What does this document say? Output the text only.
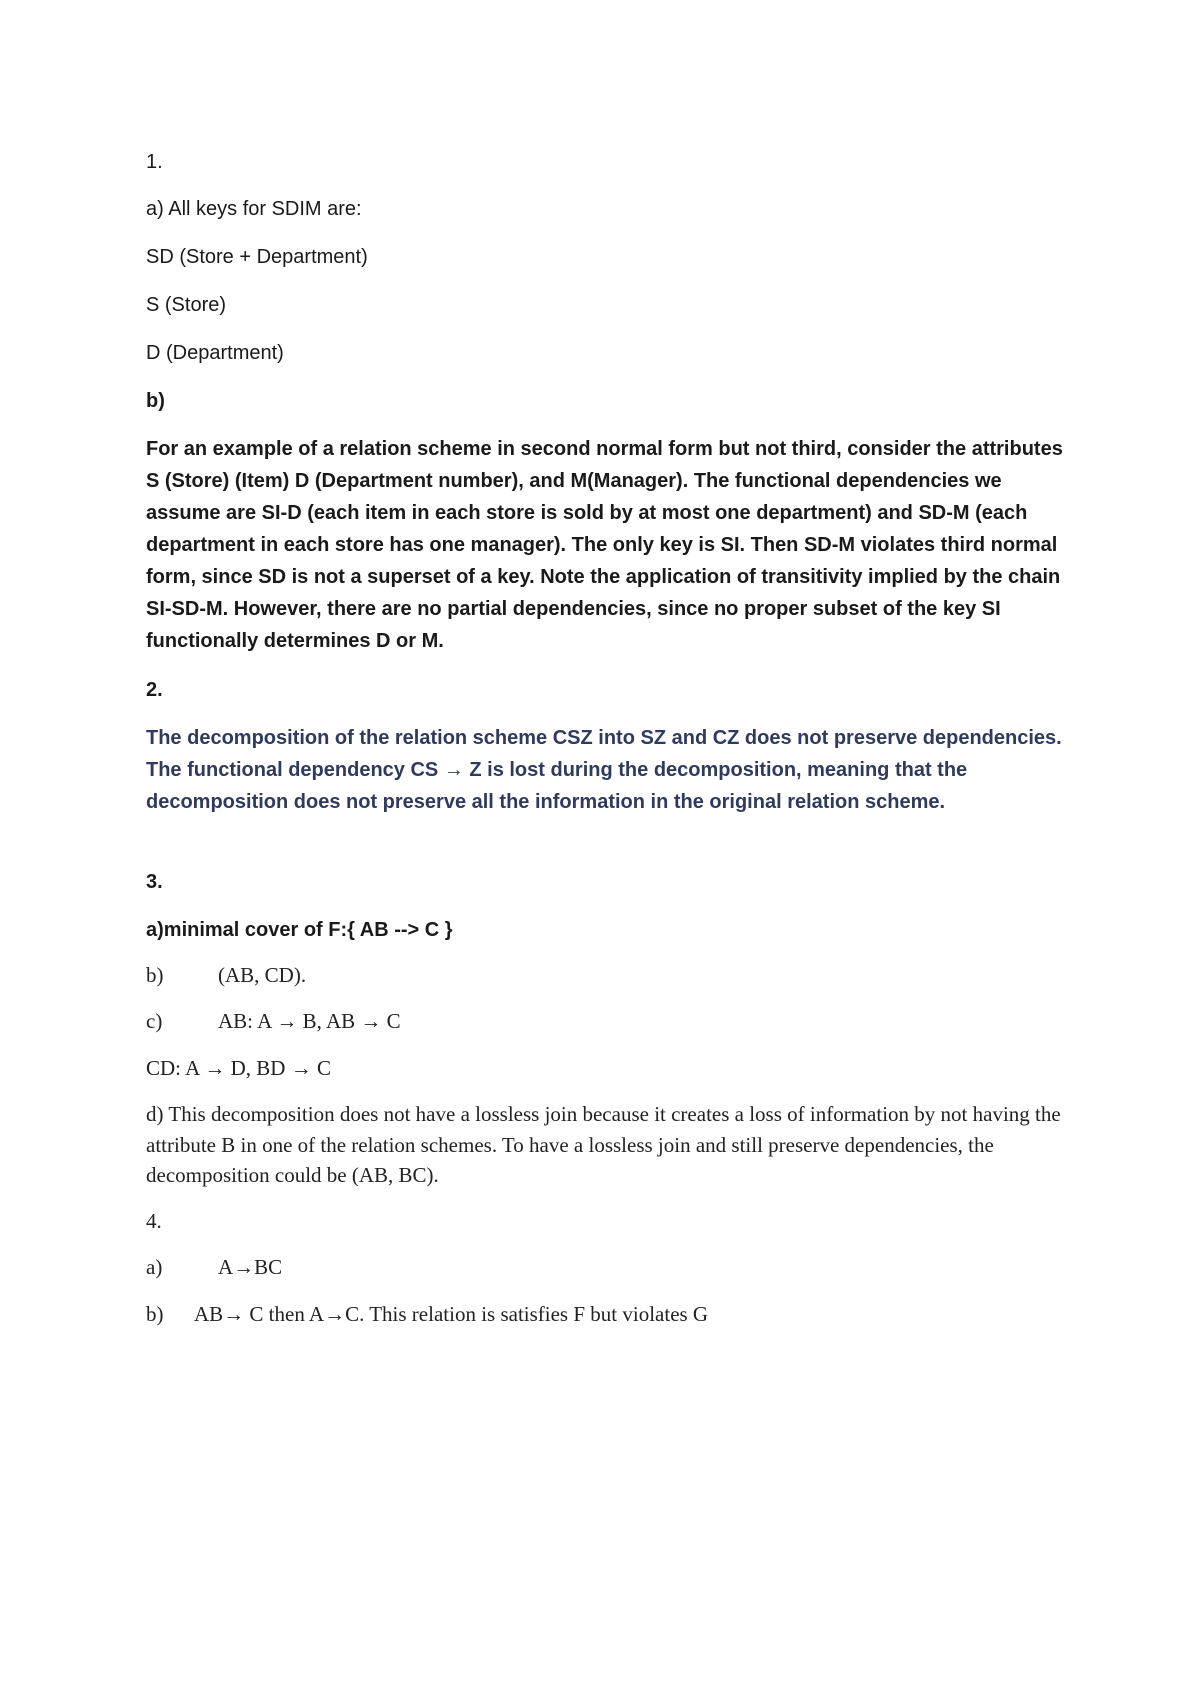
1.

a) All keys for SDIM are:

SD (Store + Department)

S (Store)

D (Department)

b)

For an example of a relation scheme in second normal form but not third, consider the attributes S (Store) (Item) D (Department number), and M(Manager). The functional dependencies we assume are SI-D (each item in each store is sold by at most one department) and SD-M (each department in each store has one manager). The only key is SI. Then SD-M violates third normal form, since SD is not a superset of a key. Note the application of transitivity implied by the chain SI-SD-M. However, there are no partial dependencies, since no proper subset of the key SI functionally determines D or M.

2.

The decomposition of the relation scheme CSZ into SZ and CZ does not preserve dependencies. The functional dependency CS → Z is lost during the decomposition, meaning that the decomposition does not preserve all the information in the original relation scheme.

3.

a)minimal cover of F:{ AB --> C }

b)	(AB, CD).

c)	AB: A → B, AB → C

CD: A → D, BD → C

d) This decomposition does not have a lossless join because it creates a loss of information by not having the attribute B in one of the relation schemes. To have a lossless join and still preserve dependencies, the decomposition could be (AB, BC).

4.

a)	A→BC

b) AB→ C then A→C. This relation is satisfies F but violates G
